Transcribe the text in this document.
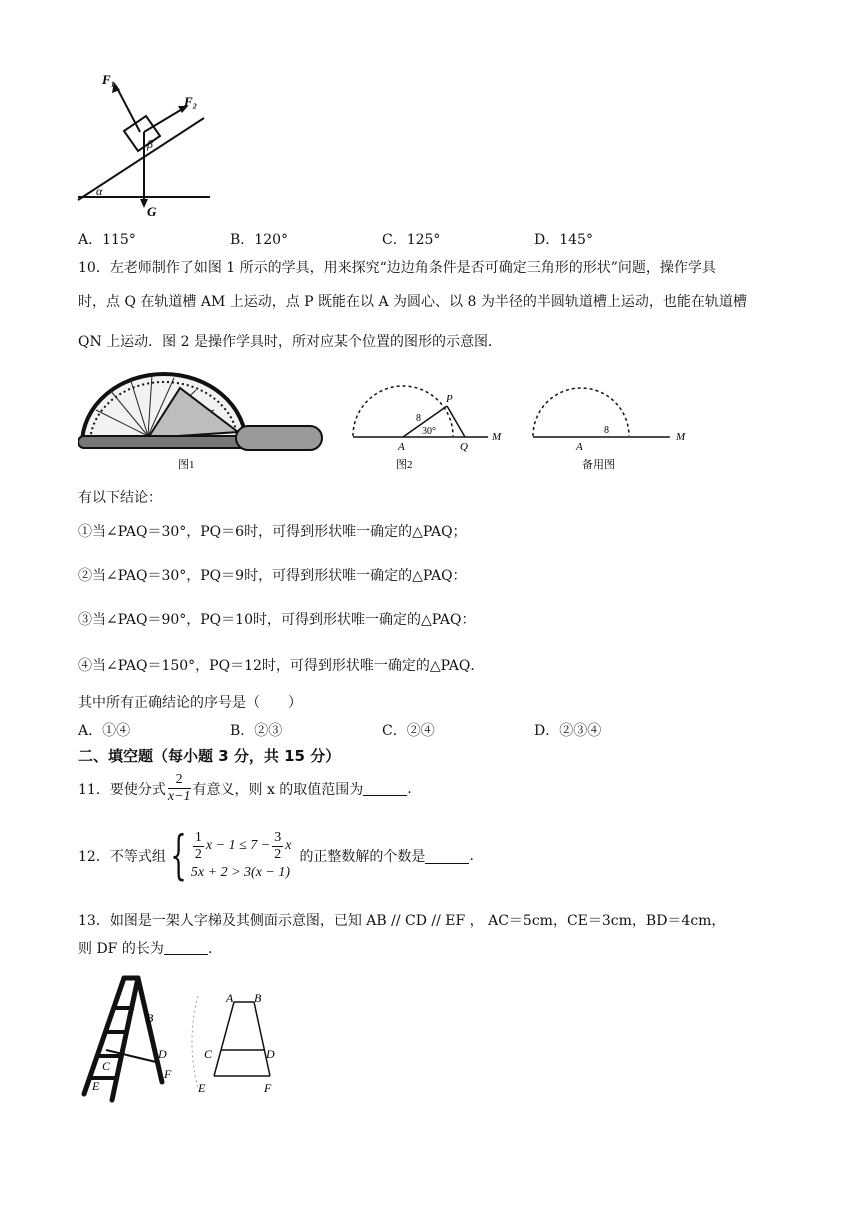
F₁
F₂
β
α
G
A．115°	B．120°	C．125°	D．145°
10．左老师制作了如图 1 所示的学具，用来探究“边边角条件是否可确定三角形的形状”问题，操作学具
时，点 Q 在轨道槽 AM 上运动，点 P 既能在以 A 为圆心、以 8 为半径的半圆轨道槽上运动，也能在轨道槽
QN 上运动．图 2 是操作学具时，所对应某个位置的图形的示意图．
图1
P
8
30°
A	Q
M
图2
8
A
M
备用图
有以下结论：
①当∠PAQ＝30°，PQ＝6时，可得到形状唯一确定的△PAQ；
②当∠PAQ＝30°，PQ＝9时，可得到形状唯一确定的△PAQ：
③当∠PAQ＝90°，PQ＝10时，可得到形状唯一确定的△PAQ：
④当∠PAQ＝150°，PQ＝12时，可得到形状唯一确定的△PAQ．
其中所有正确结论的序号是（　　）
A．①④	B．②③	C．②④	D．②③④
二、填空题（每小题 3 分，共 15 分）
11．要使分式 $\frac{2}{x-1}$ 有意义，则 x 的取值范围为	.
12．不等式组 { $\frac{1}{2}$ $x - 1 \le 7 - \frac{3}{2}$ x
5x + 2 > 3(x − 1)
的正整数解的个数是	.
13．如图是一架人字梯及其侧面示意图，已知 AB // CD // EF ， AC＝5cm，CE＝3cm，BD＝4cm，
则 DF 的长为	.
B
D
C
E
F
A B
C	D
E	F
